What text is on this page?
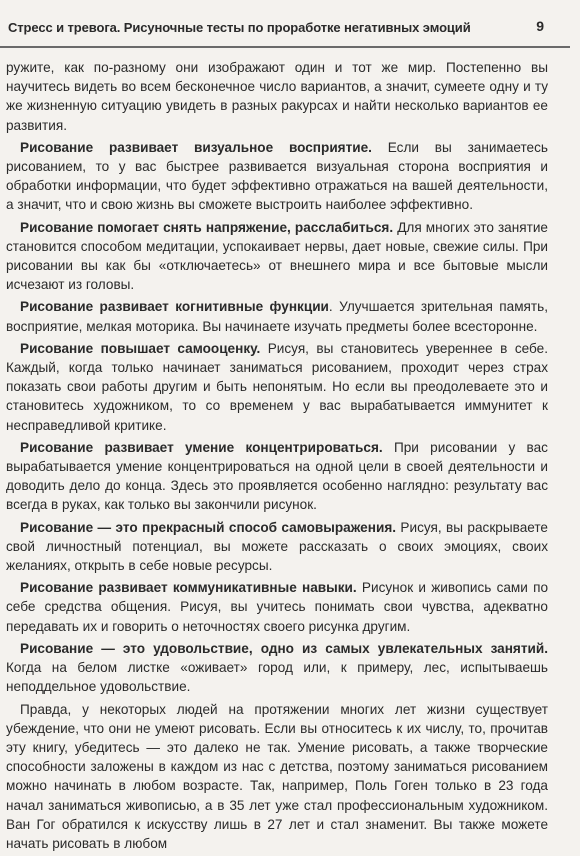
Стресс и тревога. Рисуночные тесты по проработке негативных эмоций	9

ружите, как по-разному они изображают один и тот же мир. Постепенно вы научитесь видеть во всем бесконечное число вариантов, а значит, сумеете одну и ту же жизненную ситуацию увидеть в разных ракурсах и найти несколько вариантов ее развития.

Рисование развивает визуальное восприятие. Если вы занимаетесь рисованием, то у вас быстрее развивается визуальная сторона восприятия и обработки информации, что будет эффективно отражаться на вашей деятельности, а значит, что и свою жизнь вы сможете выстроить наиболее эффективно.

Рисование помогает снять напряжение, расслабиться. Для многих это занятие становится способом медитации, успокаивает нервы, дает новые, свежие силы. При рисовании вы как бы «отключаетесь» от внешнего мира и все бытовые мысли исчезают из головы.

Рисование развивает когнитивные функции. Улучшается зрительная память, восприятие, мелкая моторика. Вы начинаете изучать предметы более всесторонне.

Рисование повышает самооценку. Рисуя, вы становитесь увереннее в себе. Каждый, когда только начинает заниматься рисованием, проходит через страх показать свои работы другим и быть непонятым. Но если вы преодолеваете это и становитесь художником, то со временем у вас вырабатывается иммунитет к несправедливой критике.

Рисование развивает умение концентрироваться. При рисовании у вас вырабатывается умение концентрироваться на одной цели в своей деятельности и доводить дело до конца. Здесь это проявляется особенно наглядно: результату вас всегда в руках, как только вы закончили рисунок.

Рисование — это прекрасный способ самовыражения. Рисуя, вы раскрываете свой личностный потенциал, вы можете рассказать о своих эмоциях, своих желаниях, открыть в себе новые ресурсы.

Рисование развивает коммуникативные навыки. Рисунок и живопись сами по себе средства общения. Рисуя, вы учитесь понимать свои чувства, адекватно передавать их и говорить о неточностях своего рисунка другим.

Рисование — это удовольствие, одно из самых увлекательных занятий. Когда на белом листке «оживает» город или, к примеру, лес, испытываешь неподдельное удовольствие.

Правда, у некоторых людей на протяжении многих лет жизни существует убеждение, что они не умеют рисовать. Если вы относитесь к их числу, то, прочитав эту книгу, убедитесь — это далеко не так. Умение рисовать, а также творческие способности заложены в каждом из нас с детства, поэтому заниматься рисованием можно начинать в любом возрасте. Так, например, Поль Гоген только в 23 года начал заниматься живописью, а в 35 лет уже стал профессиональным художником. Ван Гог обратился к искусству лишь в 27 лет и стал знаменит. Вы также можете начать рисовать в любом
